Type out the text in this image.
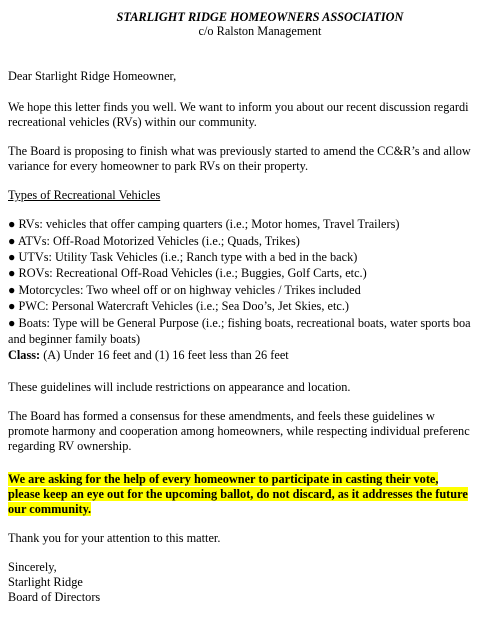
STARLIGHT RIDGE HOMEOWNERS ASSOCIATION
c/o Ralston Management
Dear Starlight Ridge Homeowner,
We hope this letter finds you well. We want to inform you about our recent discussion regardi
recreational vehicles (RVs) within our community.
The Board is proposing to finish what was previously started to amend the CC&R’s and allow
variance for every homeowner to park RVs on their property.
Types of Recreational Vehicles
● RVs: vehicles that offer camping quarters (i.e.; Motor homes, Travel Trailers)
● ATVs: Off-Road Motorized Vehicles (i.e.; Quads, Trikes)
● UTVs: Utility Task Vehicles (i.e.; Ranch type with a bed in the back)
● ROVs: Recreational Off-Road Vehicles (i.e.; Buggies, Golf Carts, etc.)
● Motorcycles: Two wheel off or on highway vehicles / Trikes included
● PWC: Personal Watercraft Vehicles (i.e.; Sea Doo’s, Jet Skies, etc.)
● Boats: Type will be General Purpose (i.e.; fishing boats, recreational boats, water sports boa
and beginner family boats)
Class: (A) Under 16 feet and (1) 16 feet less than 26 feet
These guidelines will include restrictions on appearance and location.
The Board has formed a consensus for these amendments, and feels these guidelines w
promote harmony and cooperation among homeowners, while respecting individual preferenc
regarding RV ownership.
We are asking for the help of every homeowner to participate in casting their vote,
please keep an eye out for the upcoming ballot, do not discard, as it addresses the future
our community.
Thank you for your attention to this matter.
Sincerely,
Starlight Ridge
Board of Directors
